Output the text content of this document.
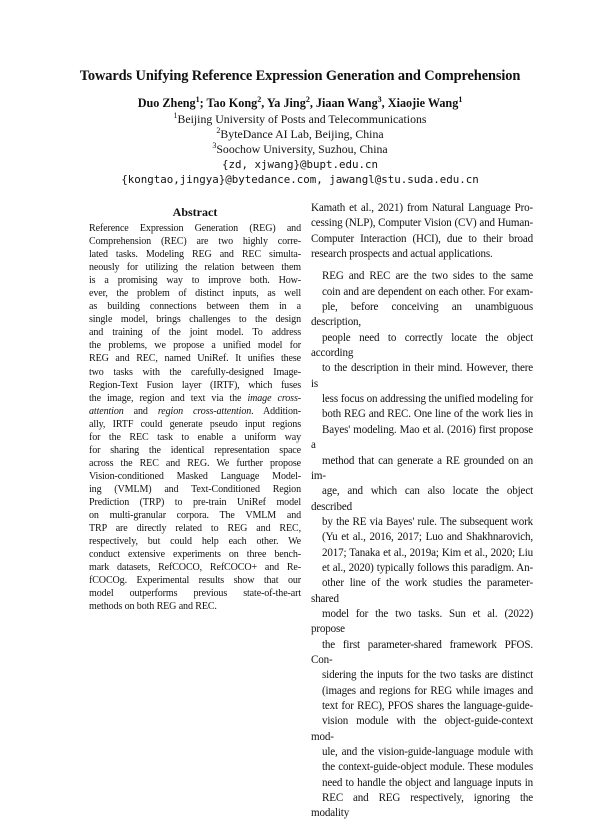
Towards Unifying Reference Expression Generation and Comprehension
Duo Zheng$^1$; Tao Kong$^2$, Ya Jing$^2$, Jiaan Wang$^3$, Xiaojie Wang$^1$
$^1$Beijing University of Posts and Telecommunications
$^2$ByteDance AI Lab, Beijing, China
$^3$Soochow University, Suzhou, China
{zd, xjwang}@bupt.edu.cn
{kongtao,jingya}@bytedance.com, jawangl@stu.suda.edu.cn
Abstract
Reference Expression Generation (REG) and
Comprehension (REC) are two highly corre-
lated tasks. Modeling REG and REC simulta-
neously for utilizing the relation between them
is a promising way to improve both. How-
ever, the problem of distinct inputs, as well
as building connections between them in a
single model, brings challenges to the design
and training of the joint model. To address
the problems, we propose a unified model for
REG and REC, named UniRef. It unifies these
two tasks with the carefully-designed Image-
Region-Text Fusion layer (IRTF), which fuses
the image, region and text via the image cross-
attention and region cross-attention. Addition-
ally, IRTF could generate pseudo input regions
for the REC task to enable a uniform way
for sharing the identical representation space
across the REC and REG. We further propose
Vision-conditioned Masked Language Model-
ing (VMLM) and Text-Conditioned Region
Prediction (TRP) to pre-train UniRef model
on multi-granular corpora. The VMLM and
TRP are directly related to REG and REC,
respectively, but could help each other. We
conduct extensive experiments on three bench-
mark datasets, RefCOCO, RefCOCO+ and Re-
fCOCOg. Experimental results show that our
model outperforms previous state-of-the-art
methods on both REG and REC.

Kamath et al., 2021) from Natural Language Pro-
cessing (NLP), Computer Vision (CV) and Human-
Computer Interaction (HCI), due to their broad
research prospects and actual applications.

REG and REC are the two sides to the same
coin and are dependent on each other. For exam-
ple, before conceiving an unambiguous description,
people need to correctly locate the object according
to the description in their mind. However, there is
less focus on addressing the unified modeling for
both REG and REC. One line of the work lies in
Bayes' modeling. Mao et al. (2016) first propose a
method that can generate a RE grounded on an im-
age, and which can also locate the object described
by the RE via Bayes' rule. The subsequent work
(Yu et al., 2016, 2017; Luo and Shakhnarovich,
2017; Tanaka et al., 2019a; Kim et al., 2020; Liu
et al., 2020) typically follows this paradigm. An-
other line of the work studies the parameter-shared
model for the two tasks. Sun et al. (2022) propose
the first parameter-shared framework PFOS. Con-
sidering the inputs for the two tasks are distinct
(images and regions for REG while images and
text for REC), PFOS shares the language-guide-
vision module with the object-guide-context mod-
ule, and the vision-guide-language module with
the context-guide-object module. These modules
need to handle the object and language inputs in
REC and REG respectively, ignoring the modality
